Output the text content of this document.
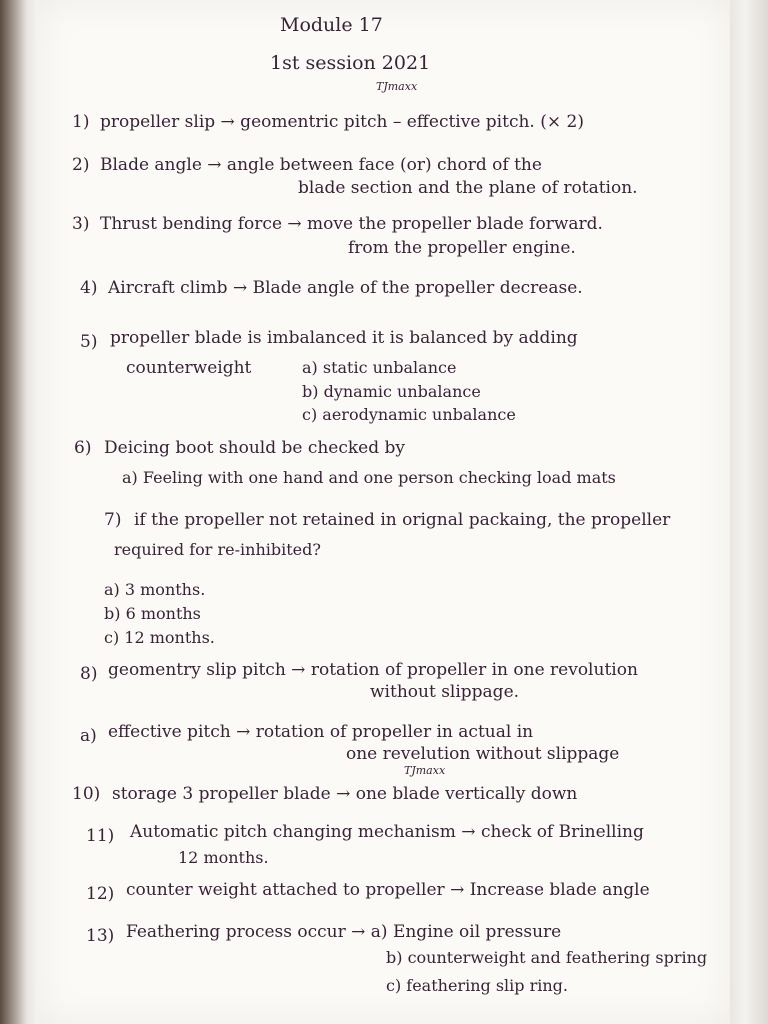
Module 17
1st session 2021
TJmaxx
1) propeller slip → geomentric pitch – effective pitch. (× 2)
2) Blade angle → angle between face (or) chord of the
blade section and the plane of rotation.
3) Thrust bending force → move the propeller blade forward.
from the propeller engine.
4) Aircraft climb → Blade angle of the propeller decrease.
5) propeller blade is imbalanced it is balanced by adding
counterweight	a) static unbalance
b) dynamic unbalance
c) aerodynamic unbalance
6) Deicing boot should be checked by
a) Feeling with one hand and one person checking load mats
7) if the propeller not retained in orignal packaing, the propeller
required for re-inhibited?
a) 3 months.
b) 6 months
c) 12 months.
8) geomentry slip pitch → rotation of propeller in one revolution
without slippage.
a) effective pitch → rotation of propeller in actual in
one revelution without slippage
TJmaxx
10) storage 3 propeller blade → one blade vertically down
11) Automatic pitch changing mechanism → check of Brinelling
12 months.
12) counter weight attached to propeller → Increase blade angle
13) Feathering process occur → a) Engine oil pressure
b) counterweight and feathering spring
c) feathering slip ring.
